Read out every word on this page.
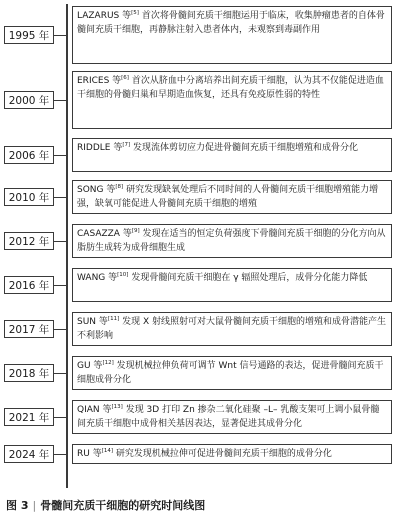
1995 年
LAZARUS 等[5] 首次将骨髓间充质干细胞运用于临床，收集肿瘤患者的自体骨髓间充质干细胞，再静脉注射入患者体内，未观察到毒副作用
2000 年
ERICES 等[6] 首次从脐血中分离培养出间充质干细胞，认为其不仅能促进造血干细胞的骨髓归巢和早期造血恢复，还具有免疫原性弱的特性
2006 年
RIDDLE 等[7] 发现流体剪切应力促进骨髓间充质干细胞增殖和成骨分化
2010 年
SONG 等[8] 研究发现缺氧处理后不同时间的人骨髓间充质干细胞增殖能力增强，缺氧可能促进人骨髓间充质干细胞的增殖
2012 年
CASAZZA 等[9] 发现在适当的恒定负荷强度下骨髓间充质干细胞的分化方向从脂肪生成转为成骨细胞生成
2016 年
WANG 等[10] 发现骨髓间充质干细胞在 γ 辐照处理后，成骨分化能力降低
2017 年
SUN 等[11] 发现 X 射线照射可对大鼠骨髓间充质干细胞的增殖和成骨潜能产生不利影响
2018 年
GU 等[12] 发现机械拉伸负荷可调节 Wnt 信号通路的表达，促进骨髓间充质干细胞成骨分化
2021 年
QIAN 等[13] 发现 3D 打印 Zn 掺杂二氧化硅聚 –L– 乳酸支架可上调小鼠骨髓间充质干细胞中成骨相关基因表达，显著促进其成骨分化
2024 年	RU 等[14] 研究发现机械拉伸可促进骨髓间充质干细胞的成骨分化
图 3 | 骨髓间充质干细胞的研究时间线图
